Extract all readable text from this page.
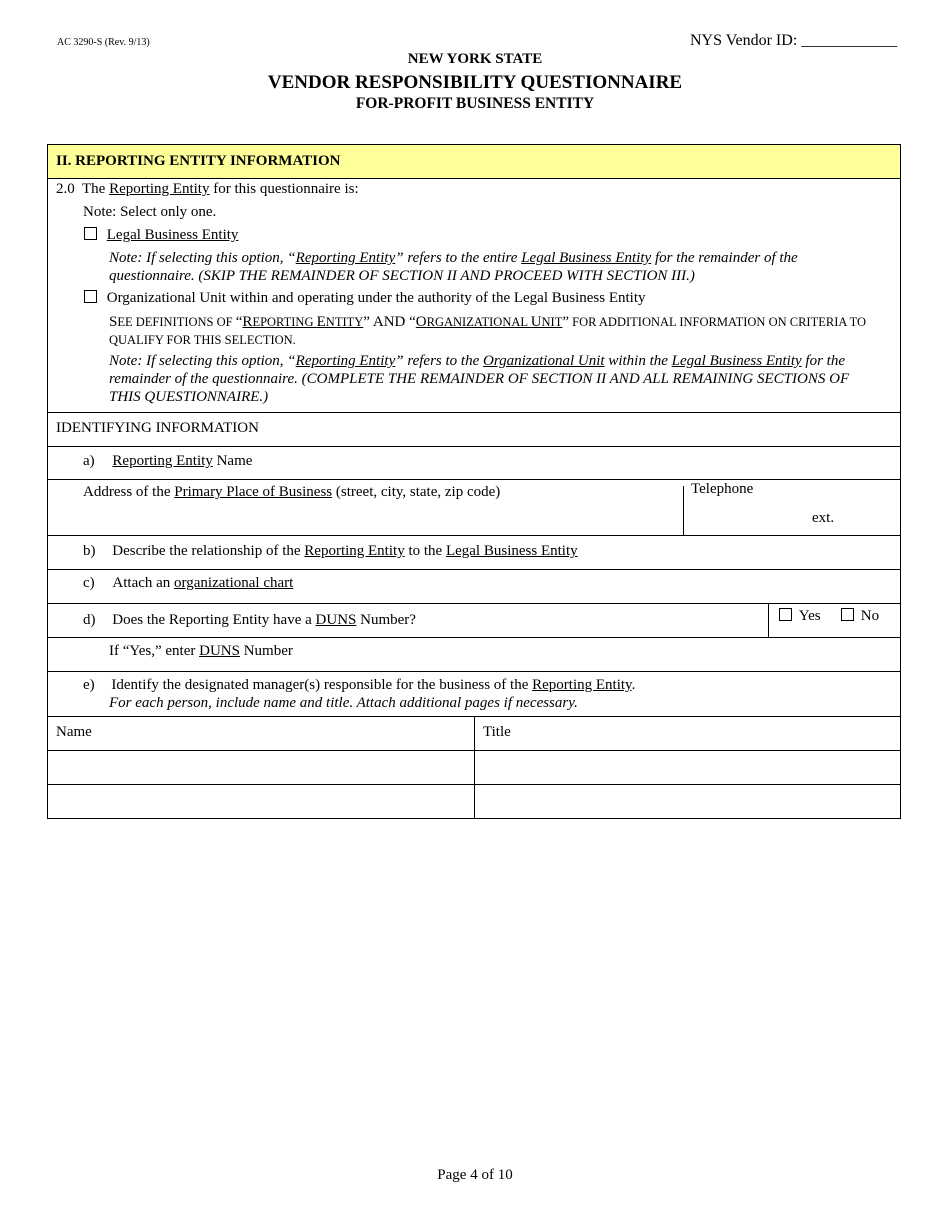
AC 3290-S (Rev. 9/13)	NYS Vendor ID: ____________
NEW YORK STATE
VENDOR RESPONSIBILITY QUESTIONNAIRE
FOR-PROFIT BUSINESS ENTITY
II. REPORTING ENTITY INFORMATION
2.0 The Reporting Entity for this questionnaire is:
Note: Select only one.
Legal Business Entity
Note: If selecting this option, “Reporting Entity” refers to the entire Legal Business Entity for the remainder of the
questionnaire. (SKIP THE REMAINDER OF SECTION II AND PROCEED WITH SECTION III.)
Organizational Unit within and operating under the authority of the Legal Business Entity
SEE DEFINITIONS OF “REPORTING ENTITY” AND “ORGANIZATIONAL UNIT” FOR ADDITIONAL INFORMATION ON CRITERIA TO
QUALIFY FOR THIS SELECTION.
Note: If selecting this option, “Reporting Entity” refers to the Organizational Unit within the Legal Business Entity for the
remainder of the questionnaire. (COMPLETE THE REMAINDER OF SECTION II AND ALL REMAINING SECTIONS OF
THIS QUESTIONNAIRE.)
IDENTIFYING INFORMATION
a) Reporting Entity Name
Address of the Primary Place of Business (street, city, state, zip code)	Telephone
ext.
b) Describe the relationship of the Reporting Entity to the Legal Business Entity
c) Attach an organizational chart
d) Does the Reporting Entity have a DUNS Number?	Yes	No
If “Yes,” enter DUNS Number
e) Identify the designated manager(s) responsible for the business of the Reporting Entity.
For each person, include name and title. Attach additional pages if necessary.
Name	Title
Page 4 of 10
